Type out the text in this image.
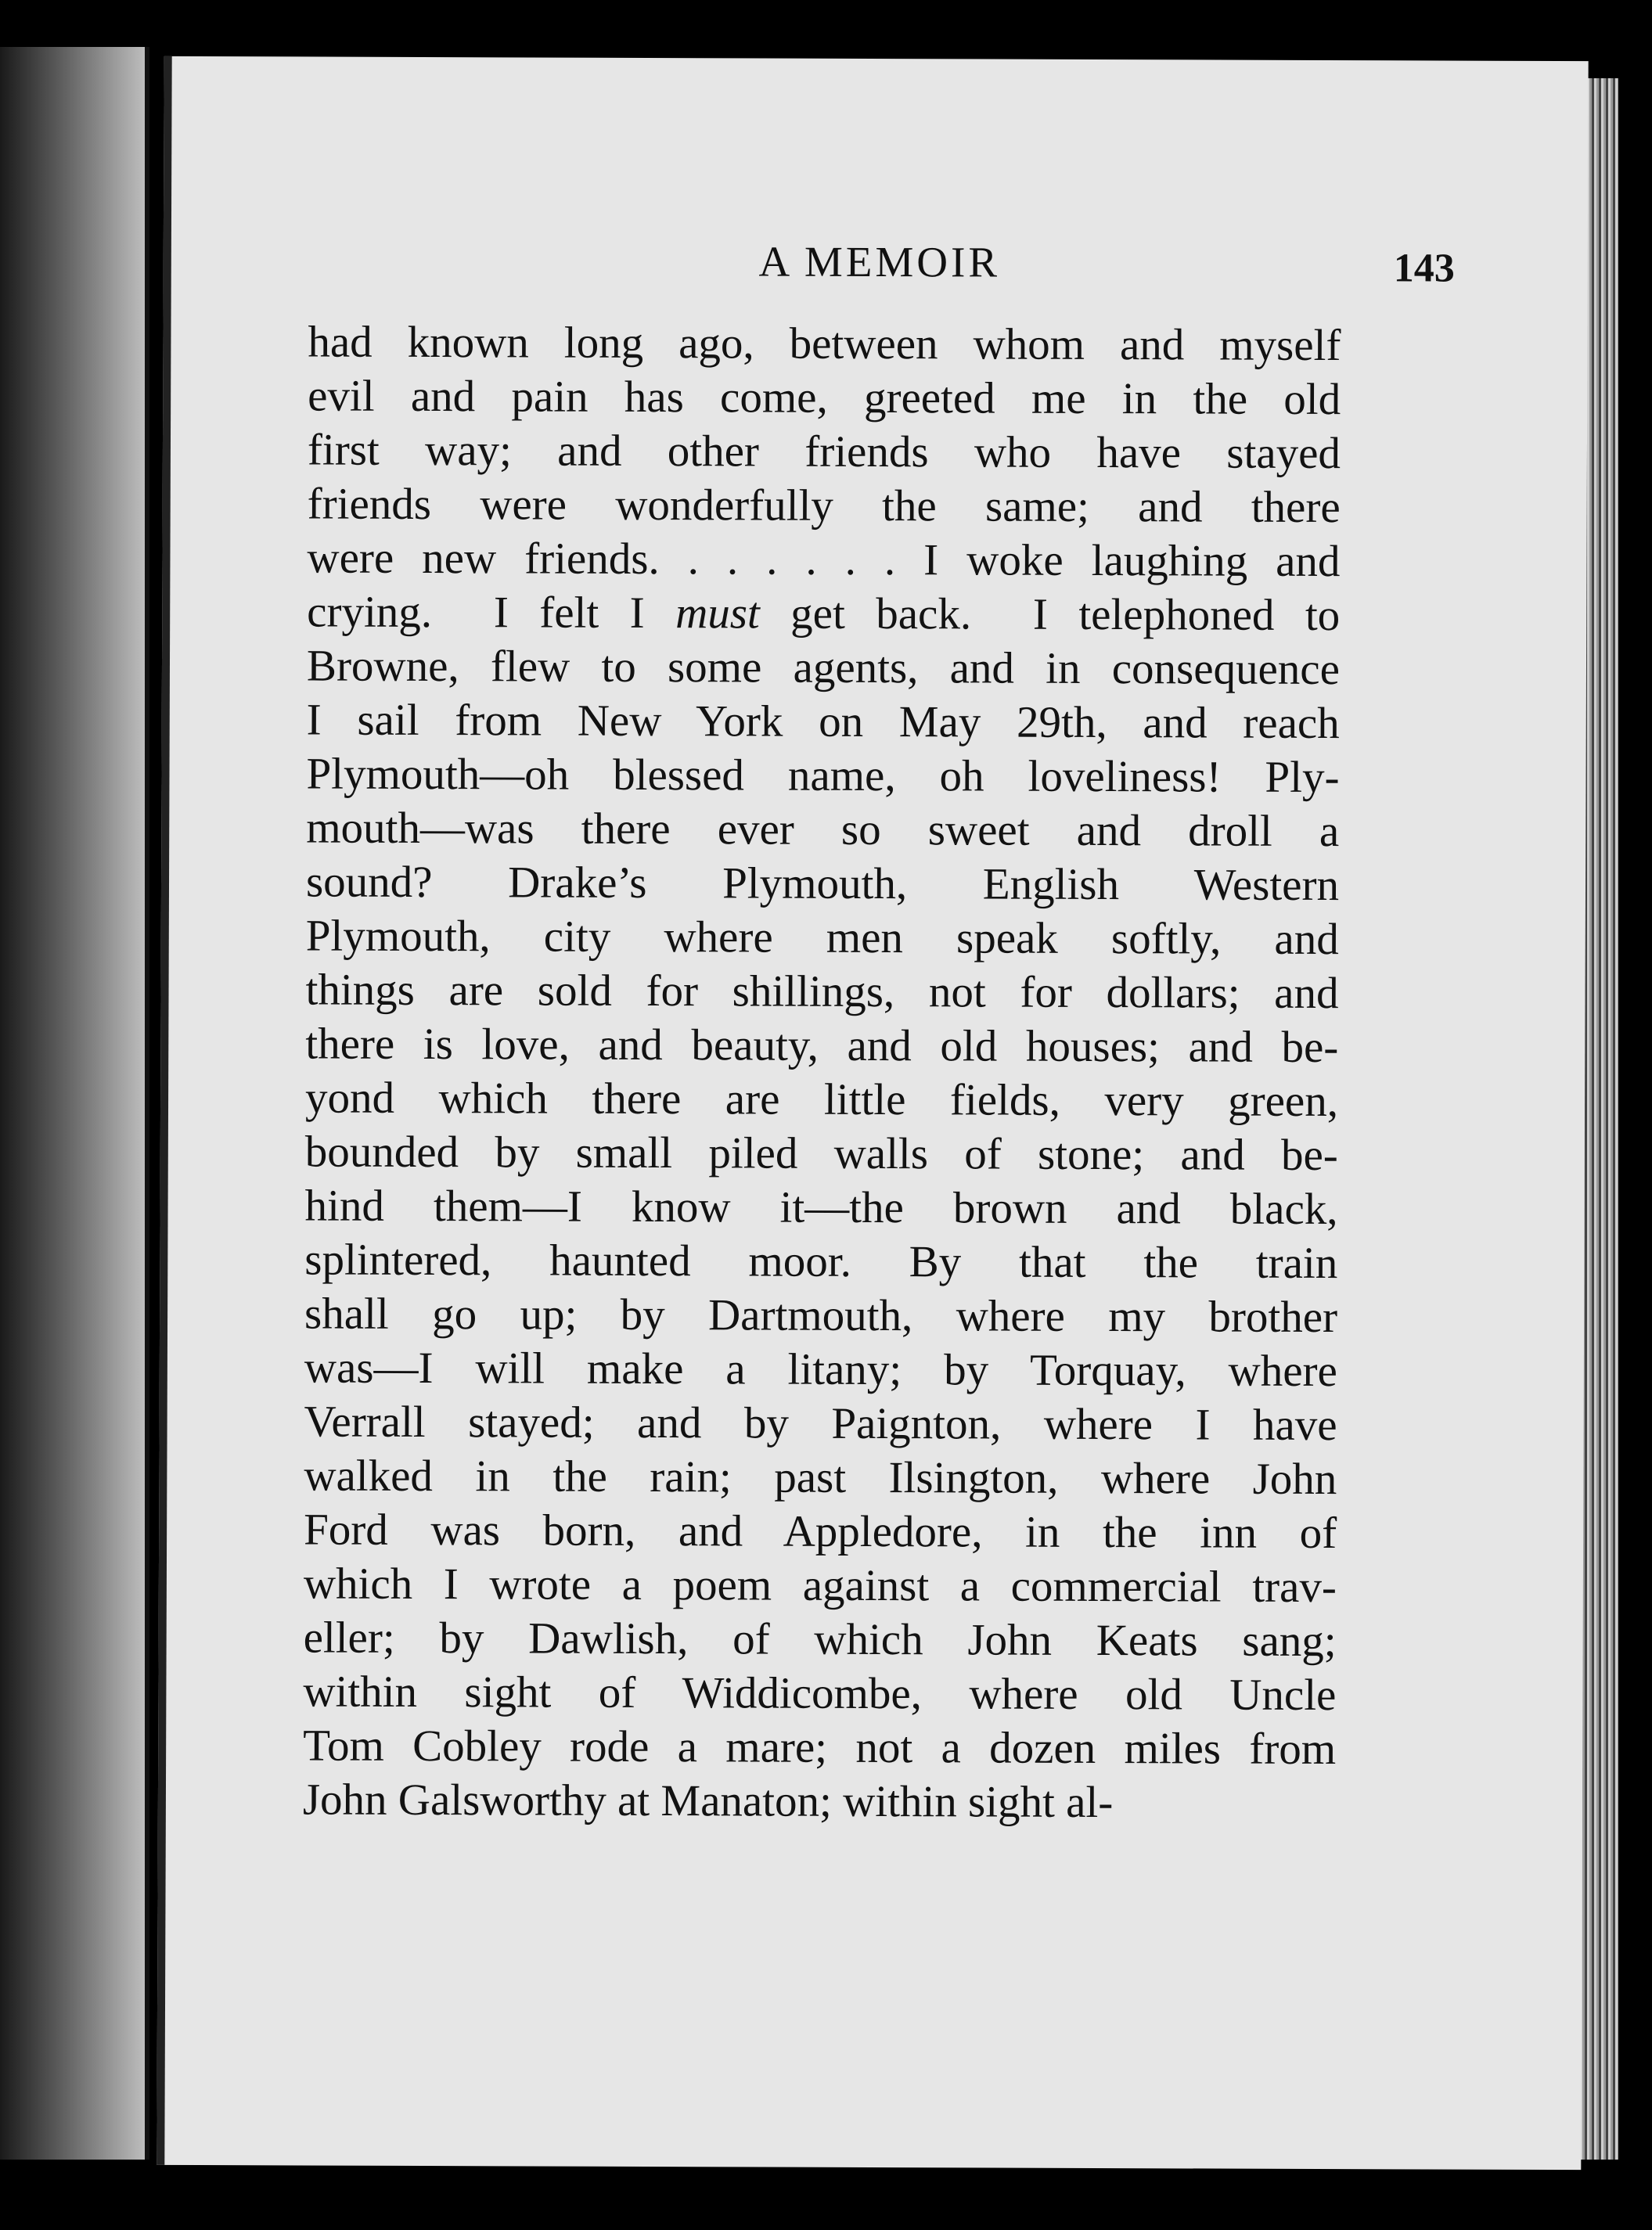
A MEMOIR	143
had known long ago, between whom and myself
evil and pain has come, greeted me in the old
first way; and other friends who have stayed
friends were wonderfully the same; and there
were new friends. . . . . . . I woke laughing and
crying.  I felt I must get back.  I telephoned to
Browne, flew to some agents, and in consequence
I sail from New York on May 29th, and reach
Plymouth—oh blessed name, oh loveliness! Ply-
mouth—was there ever so sweet and droll a
sound? Drake’s Plymouth, English Western
Plymouth, city where men speak softly, and
things are sold for shillings, not for dollars; and
there is love, and beauty, and old houses; and be-
yond which there are little fields, very green,
bounded by small piled walls of stone; and be-
hind them—I know it—the brown and black,
splintered, haunted moor. By that the train
shall go up; by Dartmouth, where my brother
was—I will make a litany; by Torquay, where
Verrall stayed; and by Paignton, where I have
walked in the rain; past Ilsington, where John
Ford was born, and Appledore, in the inn of
which I wrote a poem against a commercial trav-
eller; by Dawlish, of which John Keats sang;
within sight of Widdicombe, where old Uncle
Tom Cobley rode a mare; not a dozen miles from
John Galsworthy at Manaton; within sight al-
